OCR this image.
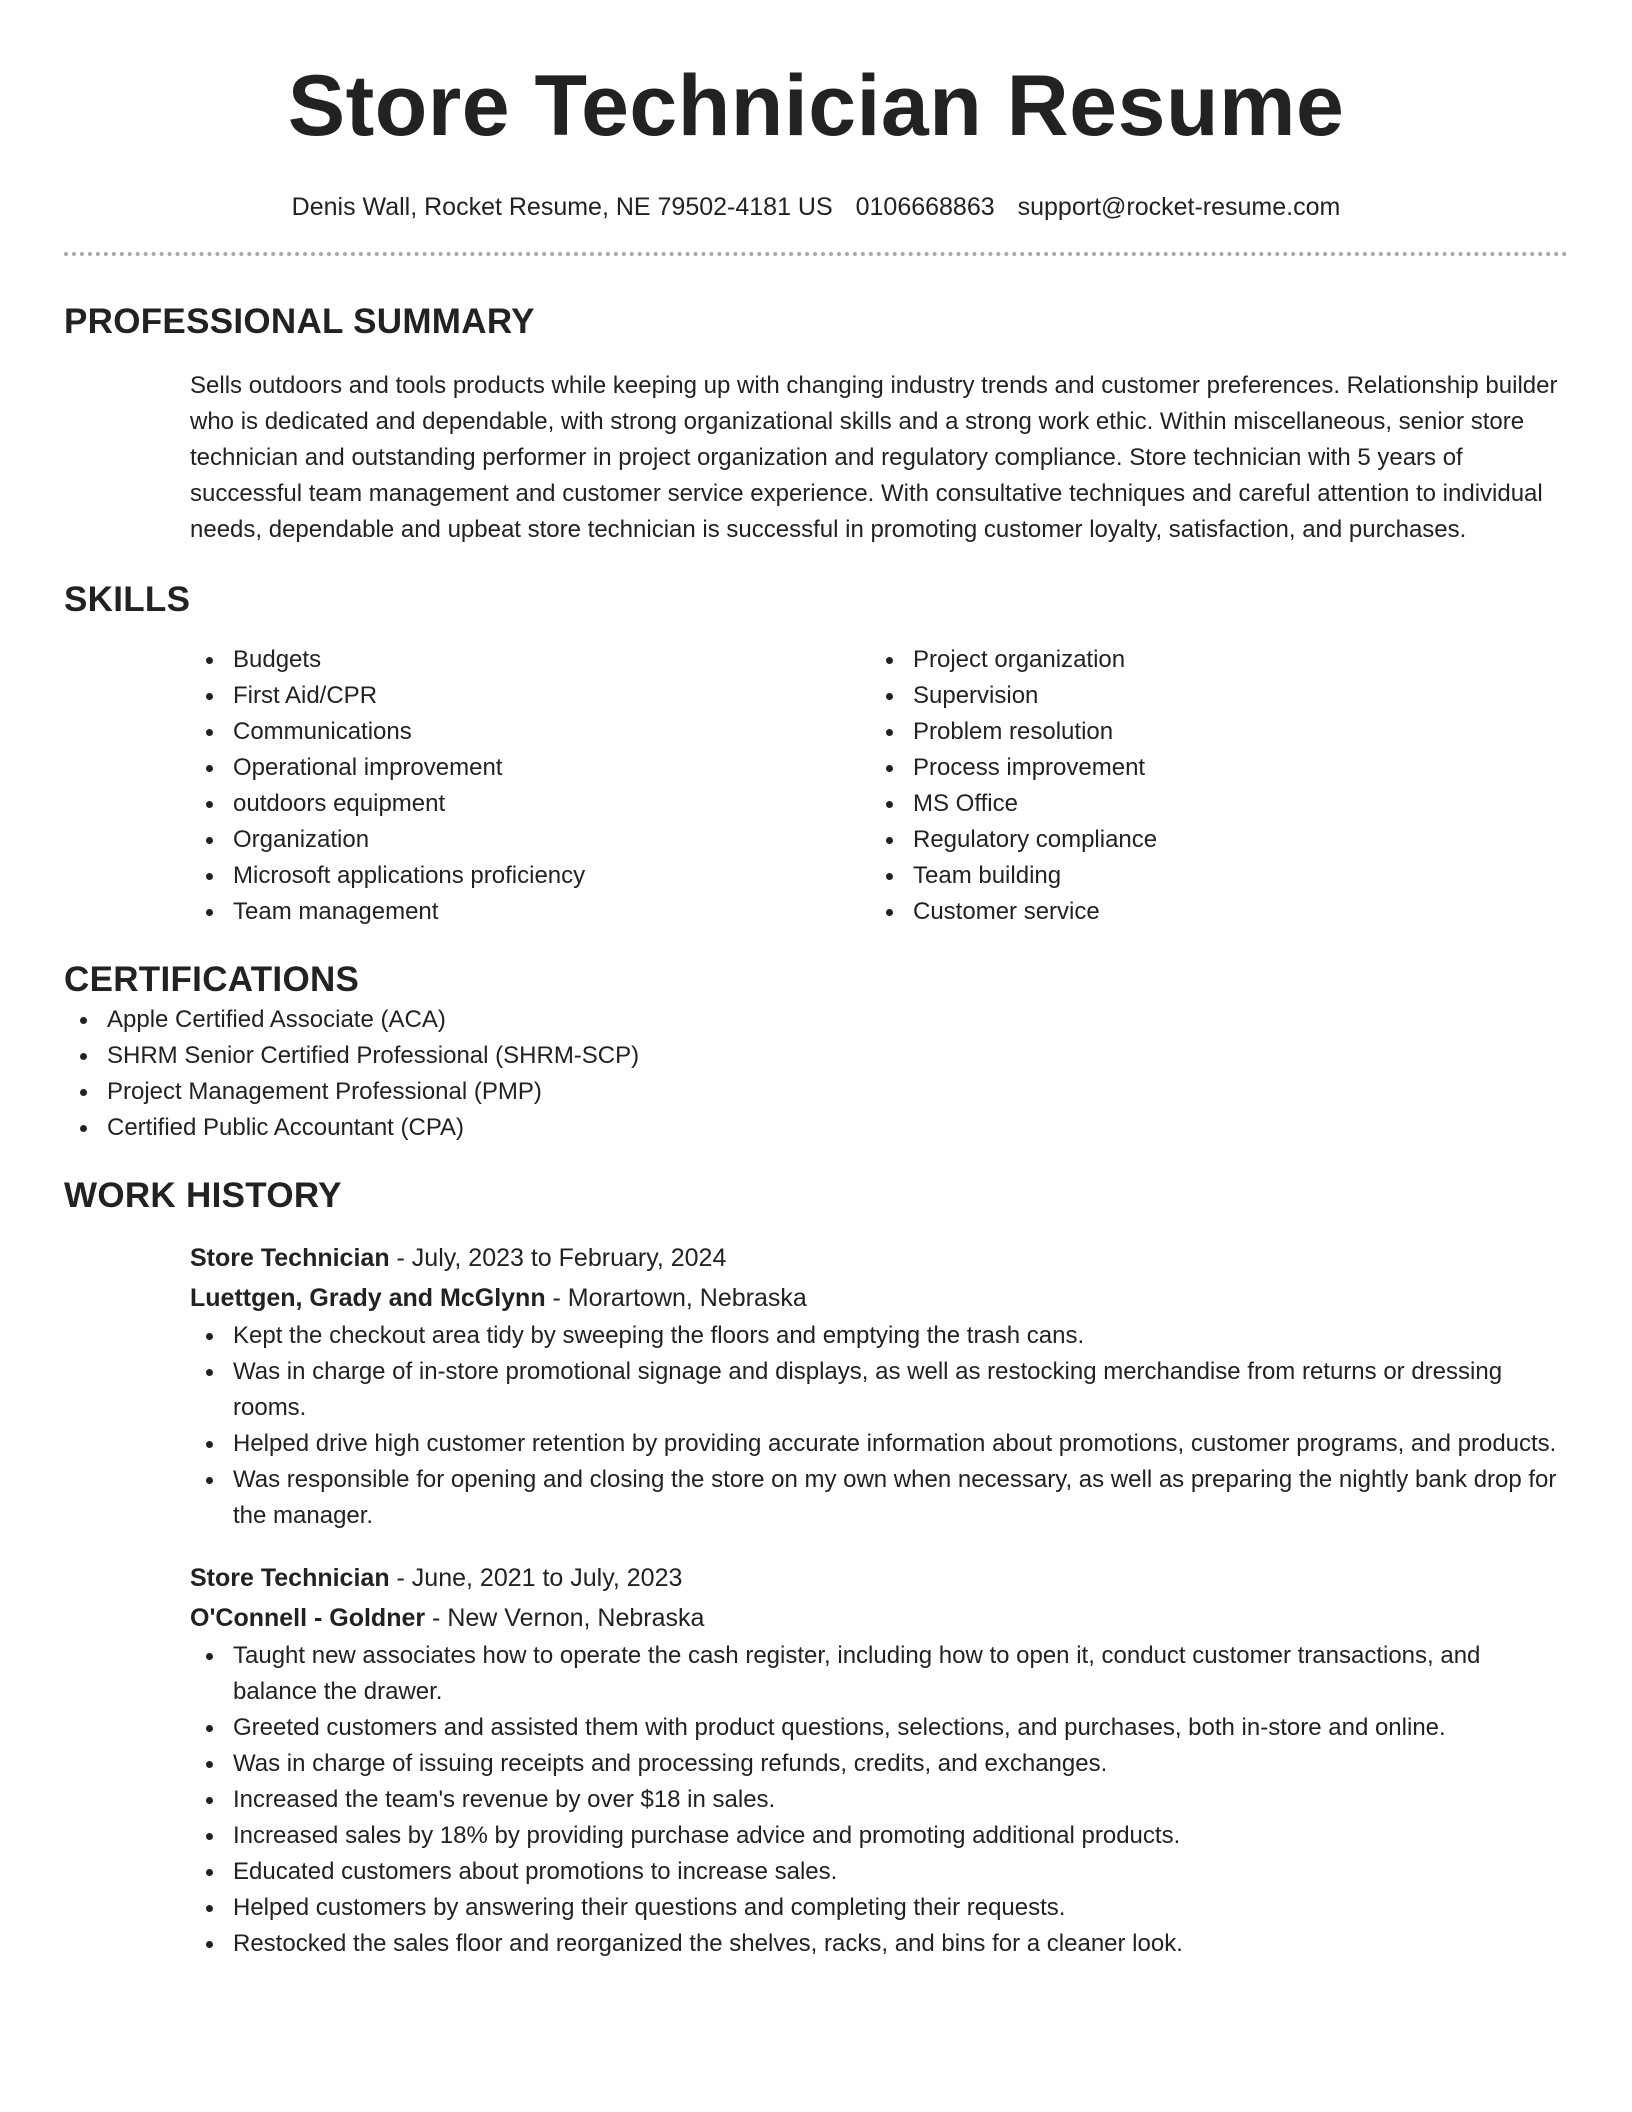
Store Technician Resume
Denis Wall, Rocket Resume, NE 79502-4181 US 0106668863 support@rocket-resume.com
PROFESSIONAL SUMMARY

Sells outdoors and tools products while keeping up with changing industry trends and customer preferences. Relationship builder who is dedicated and dependable, with strong organizational skills and a strong work ethic. Within miscellaneous, senior store technician and outstanding performer in project organization and regulatory compliance. Store technician with 5 years of successful team management and customer service experience. With consultative techniques and careful attention to individual needs, dependable and upbeat store technician is successful in promoting customer loyalty, satisfaction, and purchases.

SKILLS
Budgets
First Aid/CPR
Communications
Operational improvement
outdoors equipment
Organization
Microsoft applications proficiency
Team management
Project organization
Supervision
Problem resolution
Process improvement
MS Office
Regulatory compliance
Team building
Customer service
CERTIFICATIONS
Apple Certified Associate (ACA)
SHRM Senior Certified Professional (SHRM-SCP)
Project Management Professional (PMP)
Certified Public Accountant (CPA)
WORK HISTORY
Store Technician - July, 2023 to February, 2024
Luettgen, Grady and McGlynn - Morartown, Nebraska
Kept the checkout area tidy by sweeping the floors and emptying the trash cans.
Was in charge of in-store promotional signage and displays, as well as restocking merchandise from returns or dressing rooms.
Helped drive high customer retention by providing accurate information about promotions, customer programs, and products.
Was responsible for opening and closing the store on my own when necessary, as well as preparing the nightly bank drop for the manager.
Store Technician - June, 2021 to July, 2023
O'Connell - Goldner - New Vernon, Nebraska
Taught new associates how to operate the cash register, including how to open it, conduct customer transactions, and balance the drawer.
Greeted customers and assisted them with product questions, selections, and purchases, both in-store and online.
Was in charge of issuing receipts and processing refunds, credits, and exchanges.
Increased the team's revenue by over $18 in sales.
Increased sales by 18% by providing purchase advice and promoting additional products.
Educated customers about promotions to increase sales.
Helped customers by answering their questions and completing their requests.
Restocked the sales floor and reorganized the shelves, racks, and bins for a cleaner look.
